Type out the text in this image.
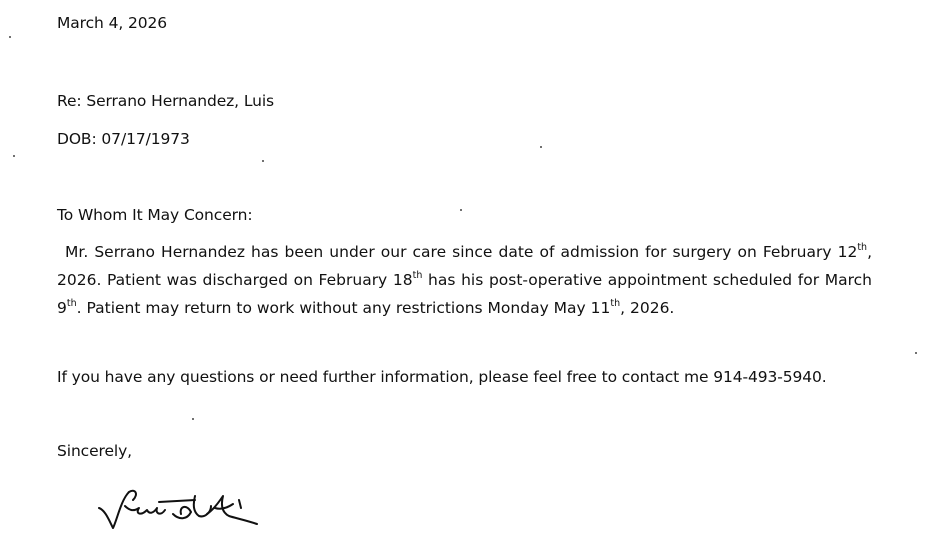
March 4, 2026
Re: Serrano Hernandez, Luis
DOB: 07/17/1973
To Whom It May Concern:
Mr. Serrano Hernandez has been under our care since date of admission for surgery on February 12th, 2026. Patient was discharged on February 18th has his post-operative appointment scheduled for March 9th. Patient may return to work without any restrictions Monday May 11th, 2026.
If you have any questions or need further information, please feel free to contact me 914-493-5940.
Sincerely,
